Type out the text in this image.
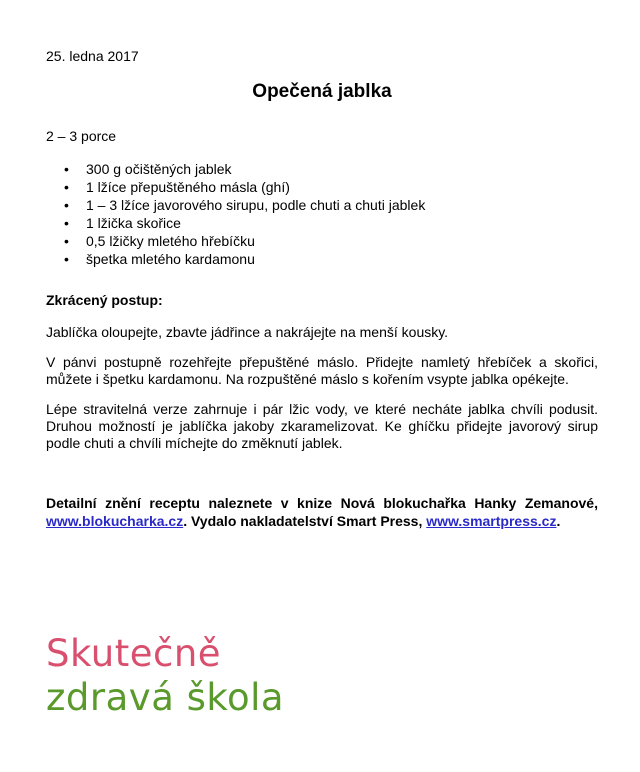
25. ledna 2017
Opečená jablka
2 – 3 porce
• 300 g očištěných jablek
• 1 lžíce přepuštěného másla (ghí)
• 1 – 3 lžíce javorového sirupu, podle chuti a chuti jablek
• 1 lžička skořice
• 0,5 lžičky mletého hřebíčku
• špetka mletého kardamonu
Zkrácený postup:
Jablíčka oloupejte, zbavte jádřince a nakrájejte na menší kousky.
V pánvi postupně rozehřejte přepuštěné máslo. Přidejte namletý hřebíček a skořici, můžete i špetku kardamonu. Na rozpuštěné máslo s kořením vsypte jablka opékejte.
Lépe stravitelná verze zahrnuje i pár lžic vody, ve které necháte jablka chvíli podusit. Druhou možností je jablíčka jakoby zkaramelizovat. Ke ghíčku přidejte javorový sirup podle chuti a chvíli míchejte do změknutí jablek.
Detailní znění receptu naleznete v knize Nová blokuchařka Hanky Zemanové,
www.blokucharka.cz. Vydalo nakladatelství Smart Press, www.smartpress.cz.
Skutečně
zdravá škola
